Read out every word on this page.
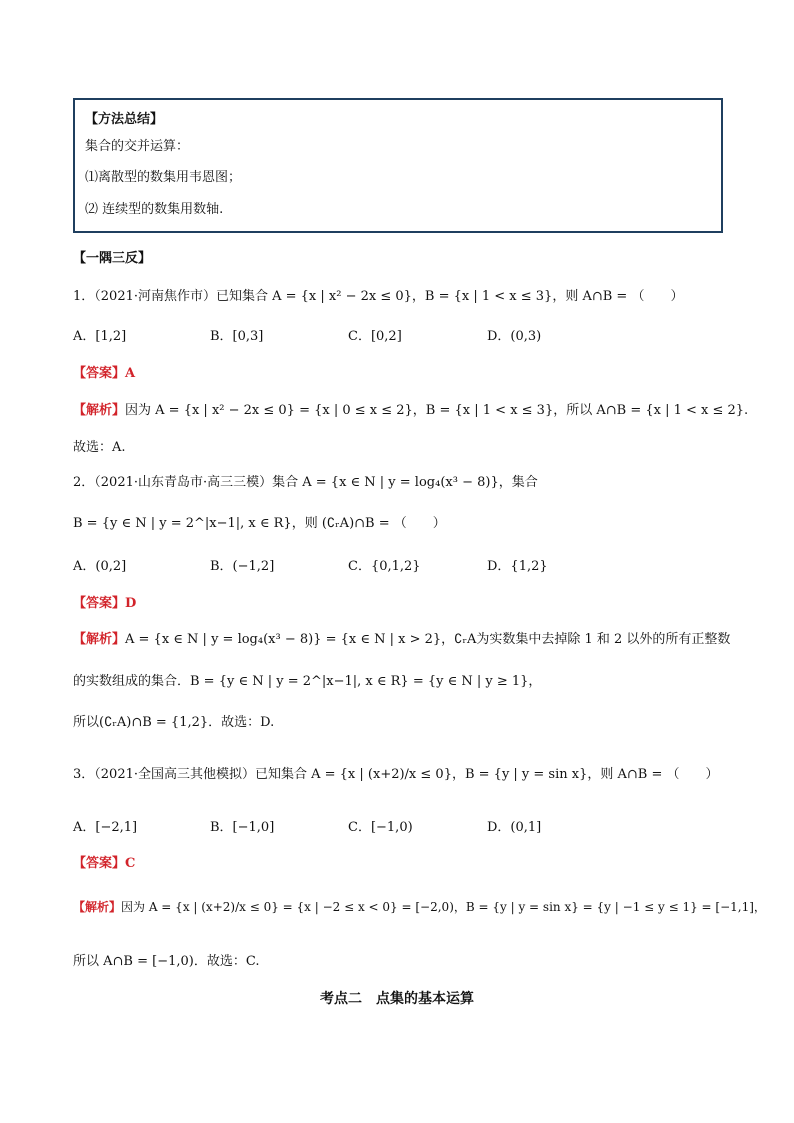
【方法总结】
集合的交并运算：
⑴离散型的数集用韦恩图；
⑵ 连续型的数集用数轴.
【一隅三反】
1．（2021·河南焦作市）已知集合 A = {x | x² − 2x ≤ 0}，B = {x | 1 < x ≤ 3}，则 A∩B = （　　）
A．[1,2]	B．[0,3]	C．[0,2]	D．(0,3)
【答案】A
【解析】因为 A = {x | x² − 2x ≤ 0} = {x | 0 ≤ x ≤ 2}，B = {x | 1 < x ≤ 3}，所以 A∩B = {x | 1 < x ≤ 2}.
故选：A.
2．（2021·山东青岛市·高三三模）集合 A = {x ∈ N | y = log₄(x³ − 8)}，集合
B = {y ∈ N | y = 2^|x−1|, x ∈ R}，则 (∁ᵣA)∩B = （　　）
A．(0,2]	B．(−1,2]	C．{0,1,2}	D．{1,2}
【答案】D
【解析】A = {x ∈ N | y = log₄(x³ − 8)} = {x ∈ N | x > 2}，∁ᵣA为实数集中去掉除 1 和 2 以外的所有正整数
的实数组成的集合．B = {y ∈ N | y = 2^|x−1|, x ∈ R} = {y ∈ N | y ≥ 1}，
所以(∁ᵣA)∩B = {1,2}．故选：D.
3．（2021·全国高三其他模拟）已知集合 A = {x | (x+2)/x ≤ 0}，B = {y | y = sin x}，则 A∩B = （　　）
A．[−2,1]	B．[−1,0]	C．[−1,0)	D．(0,1]
【答案】C
【解析】因为 A = {x | (x+2)/x ≤ 0} = {x | −2 ≤ x < 0} = [−2,0)，B = {y | y = sin x} = {y | −1 ≤ y ≤ 1} = [−1,1]，
所以 A∩B = [−1,0)．故选：C.
考点二　点集的基本运算
